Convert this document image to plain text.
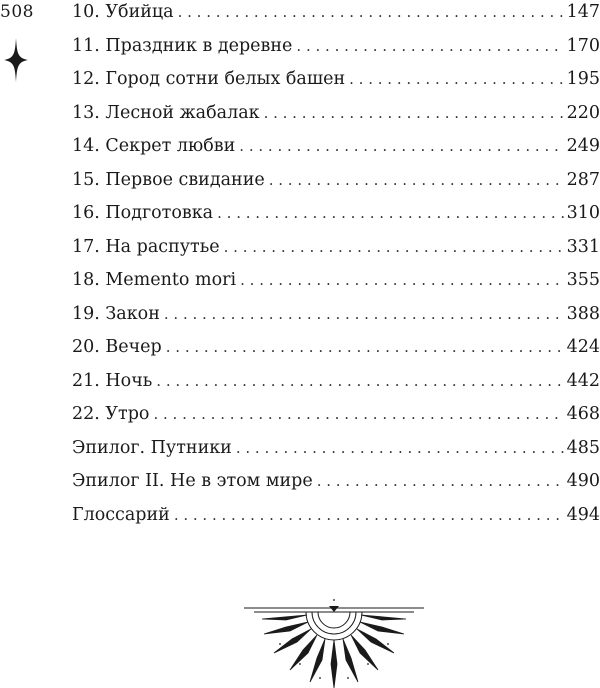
508 10. Убийца . . .	147
11. Праздник в деревне . . .	170
12. Город сотни белых башен . . .	195
13. Лесной жабалак . . .	220
14. Секрет любви . . .	249
15. Первое свидание . . .	287
16. Подготовка . . .	310
17. На распутье . . .	331
18. Memento mori . . .	355
19. Закон . . .	388
20. Вечер . . .	424
21. Ночь . . .	442
22. Утро . . .	468
Эпилог. Путники . . .	485
Эпилог II. Не в этом мире . . .	490
Глоссарий . . .	494
